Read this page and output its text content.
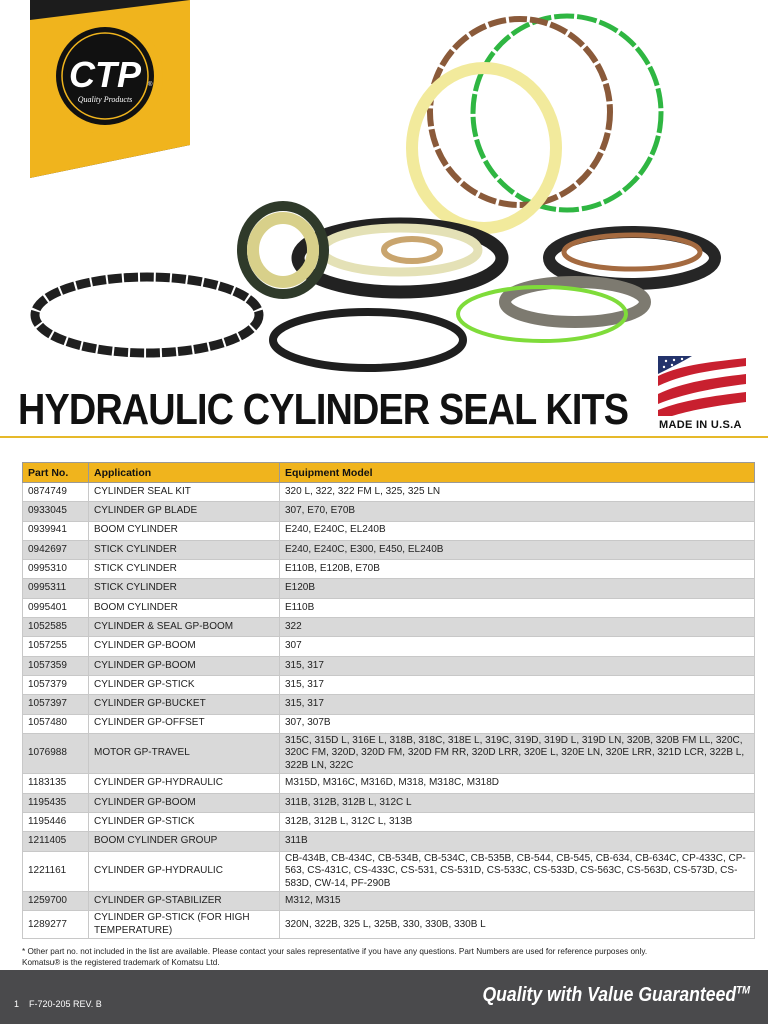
CTP ®
Quality Products
HYDRAULIC CYLINDER SEAL KITS	MADE IN U.S.A
Part No.	Application	Equipment Model
0874749	CYLINDER SEAL KIT	320 L, 322, 322 FM L, 325, 325 LN
0933045	CYLINDER GP BLADE	307, E70, E70B
0939941	BOOM CYLINDER	E240, E240C, EL240B
0942697	STICK CYLINDER	E240, E240C, E300, E450, EL240B
0995310	STICK CYLINDER	E110B, E120B, E70B
0995311	STICK CYLINDER	E120B
0995401	BOOM CYLINDER	E110B
1052585	CYLINDER & SEAL GP-BOOM	322
1057255	CYLINDER GP-BOOM	307
1057359	CYLINDER GP-BOOM	315, 317
1057379	CYLINDER GP-STICK	315, 317
1057397	CYLINDER GP-BUCKET	315, 317
1057480	CYLINDER GP-OFFSET	307, 307B
1076988	MOTOR GP-TRAVEL	315C, 315D L, 316E L, 318B, 318C, 318E L, 319C, 319D, 319D L, 319D LN, 320B, 320B FM LL, 320C, 320C FM, 320D, 320D FM, 320D FM RR, 320D LRR, 320E L, 320E LN, 320E LRR, 321D LCR, 322B L, 322B LN, 322C
1183135	CYLINDER GP-HYDRAULIC	M315D, M316C, M316D, M318, M318C, M318D
1195435	CYLINDER GP-BOOM	311B, 312B, 312B L, 312C L
1195446	CYLINDER GP-STICK	312B, 312B L, 312C L, 313B
1211405	BOOM CYLINDER GROUP	311B
1221161	CYLINDER GP-HYDRAULIC	CB-434B, CB-434C, CB-534B, CB-534C, CB-535B, CB-544, CB-545, CB-634, CB-634C, CP-433C, CP-563, CS-431C, CS-433C, CS-531, CS-531D, CS-533C, CS-533D, CS-563C, CS-563D, CS-573D, CS-583D, CW-14, PF-290B
1259700	CYLINDER GP-STABILIZER	M312, M315
1289277	CYLINDER GP-STICK (FOR HIGH TEMPERATURE)	320N, 322B, 325 L, 325B, 330, 330B, 330B L
* Other part no. not included in the list are available. Please contact your sales representative if you have any questions. Part Numbers are used for reference purposes only.
Komatsu® is the registered trademark of Komatsu Ltd.
1 F-720-205 REV. B	Quality with Value Guaranteed™
